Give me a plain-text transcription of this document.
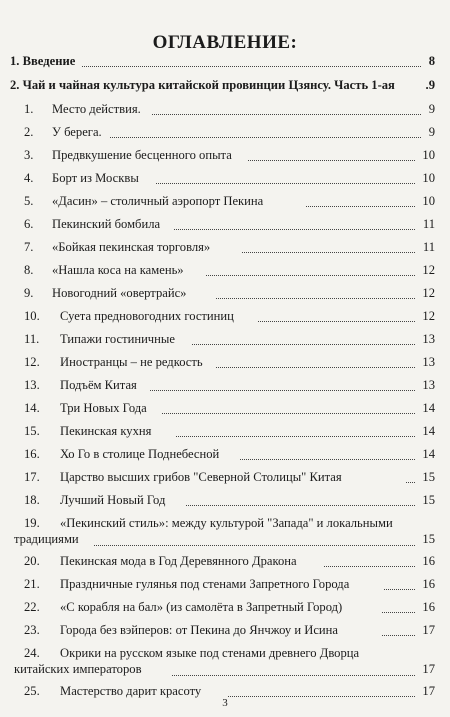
ОГЛАВЛЕНИЕ:
1. Введение	8
2. Чай и чайная культура китайской провинции Цзянсу. Часть 1-ая .9
1.	Место действия.	9
2.	У берега.	9
3.	Предвкушение бесценного опыта	10
4.	Борт из Москвы	10
5.	«Дасин» – столичный аэропорт Пекина	10
6.	Пекинский бомбила	11
7.	«Бойкая пекинская торговля»	11
8.	«Нашла коса на камень»	12
9.	Новогодний «овертрайс»	12
10.	Суета предновогодних гостиниц	12
11.	Типажи гостиничные	13
12.	Иностранцы – не редкость	13
13.	Подъём Китая	13
14.	Три Новых Года	14
15.	Пекинская кухня	14
16.	Хо Го в столице Поднебесной	14
17.	Царство высших грибов "Северной Столицы" Китая	15
18.	Лучший Новый Год	15
19.	«Пекинский стиль»: между культурой "Запада" и локальными
традициями	15
20.	Пекинская мода в Год Деревянного Дракона	16
21.	Праздничные гулянья под стенами Запретного Города	16
22.	«С корабля на бал» (из самолёта в Запретный Город)	16
23.	Города без вэйперов: от Пекина до Янчжоу и Исина	17
24.	Окрики на русском языке под стенами древнего Дворца
китайских императоров	17
25.	Мастерство дарит красоту	17
3
